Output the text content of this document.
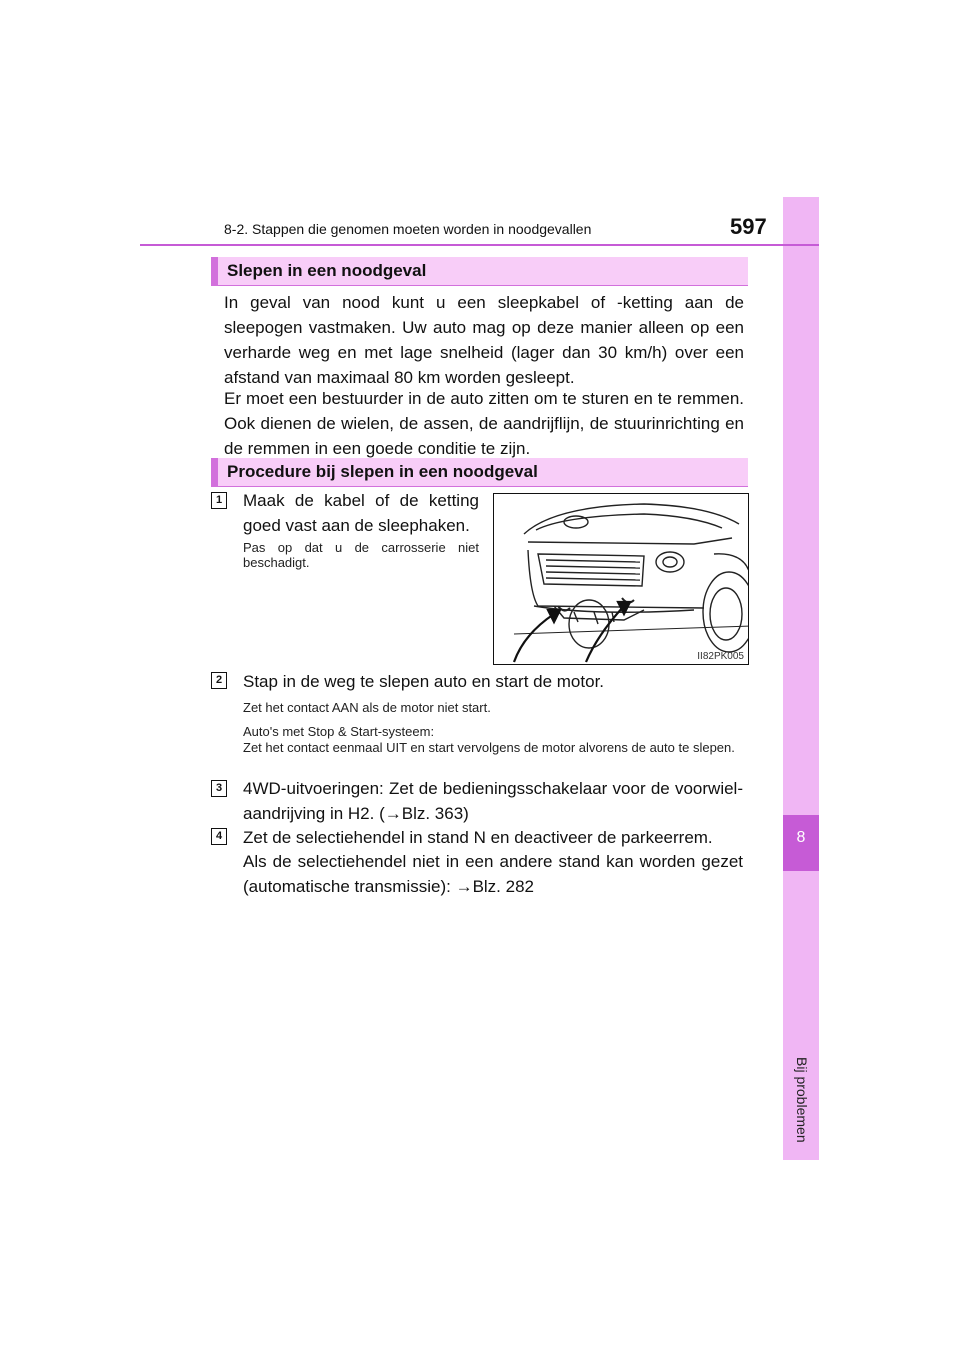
8
Bij problemen
8-2. Stappen die genomen moeten worden in noodgevallen	597
Slepen in een noodgeval

In geval van nood kunt u een sleepkabel of -ketting aan de sleepogen vastmaken. Uw auto mag op deze manier alleen op een verharde weg en met lage snelheid (lager dan 30 km/h) over een afstand van maximaal 80 km worden gesleept.

Er moet een bestuurder in de auto zitten om te sturen en te remmen. Ook dienen de wielen, de assen, de aandrijflijn, de stuurinrichting en de remmen in een goede conditie te zijn.

Procedure bij slepen in een noodgeval
1 Maak de kabel of de ketting goed vast aan de sleephaken.

Pas op dat u de carrosserie niet beschadigt.

II82PK005
2 Stap in de weg te slepen auto en start de motor.

Zet het contact AAN als de motor niet start.

Auto's met Stop & Start-systeem:

Zet het contact eenmaal UIT en start vervolgens de motor alvorens de auto te slepen.

3 4WD-uitvoeringen: Zet de bedieningsschakelaar voor de voorwiel-aandrijving in H2. (→Blz. 363)

4 Zet de selectiehendel in stand N en deactiveer de parkeerrem.

Als de selectiehendel niet in een andere stand kan worden gezet (automatische transmissie): →Blz. 282
